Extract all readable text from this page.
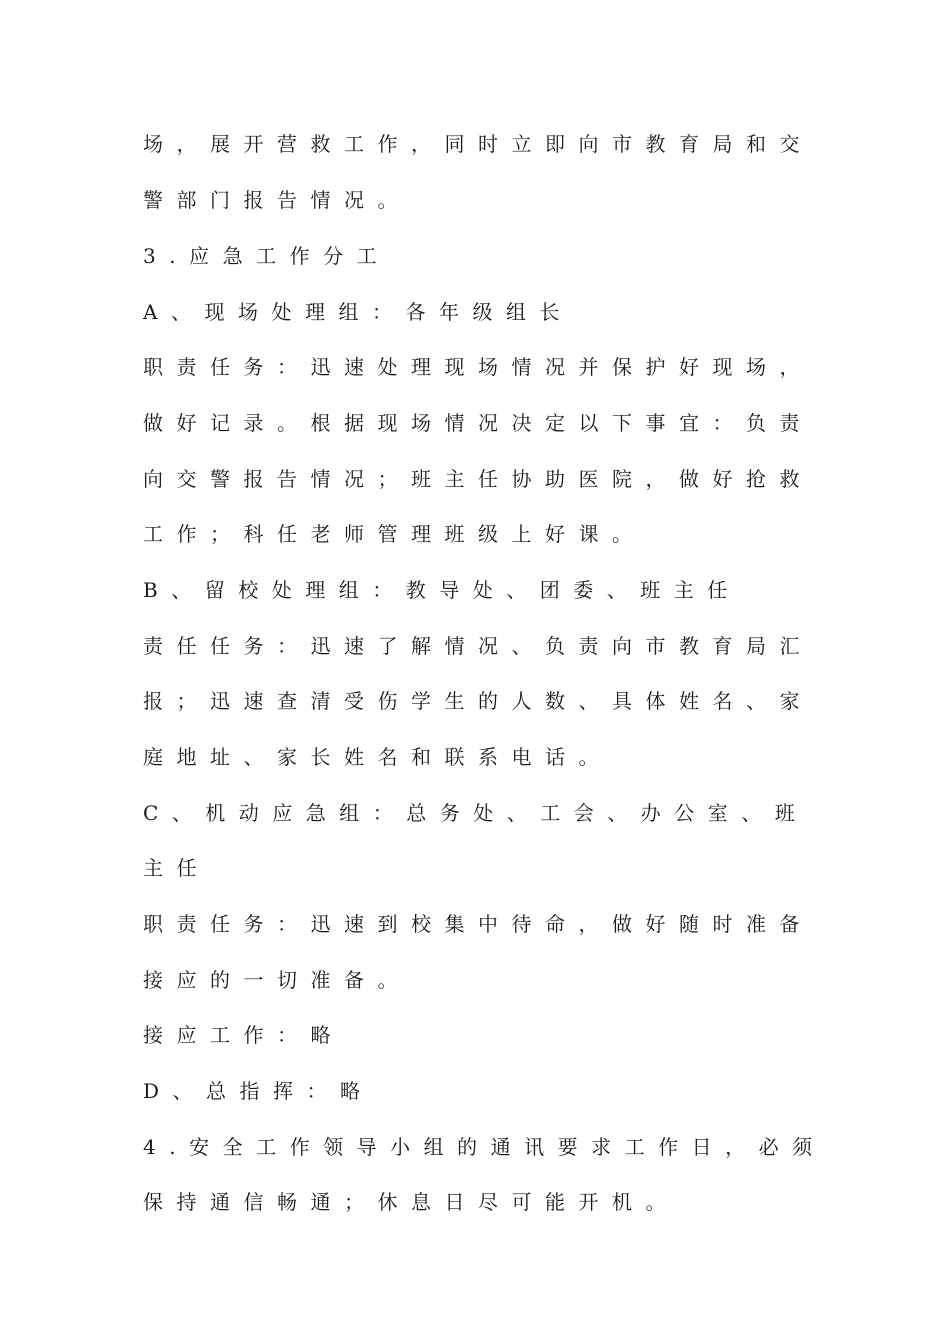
场，展开营救工作，同时立即向市教育局和交
警部门报告情况。
3.应急工作分工
A、现场处理组：各年级组长
职责任务：迅速处理现场情况并保护好现场，
做好记录。根据现场情况决定以下事宜：负责
向交警报告情况；班主任协助医院，做好抢救
工作；科任老师管理班级上好课。
B、留校处理组：教导处、团委、班主任
责任任务：迅速了解情况、负责向市教育局汇
报；迅速查清受伤学生的人数、具体姓名、家
庭地址、家长姓名和联系电话。
C、机动应急组：总务处、工会、办公室、班
主任
职责任务：迅速到校集中待命，做好随时准备
接应的一切准备。
接应工作：略
D、总指挥：略
4.安全工作领导小组的通讯要求工作日，必须
保持通信畅通；休息日尽可能开机。
